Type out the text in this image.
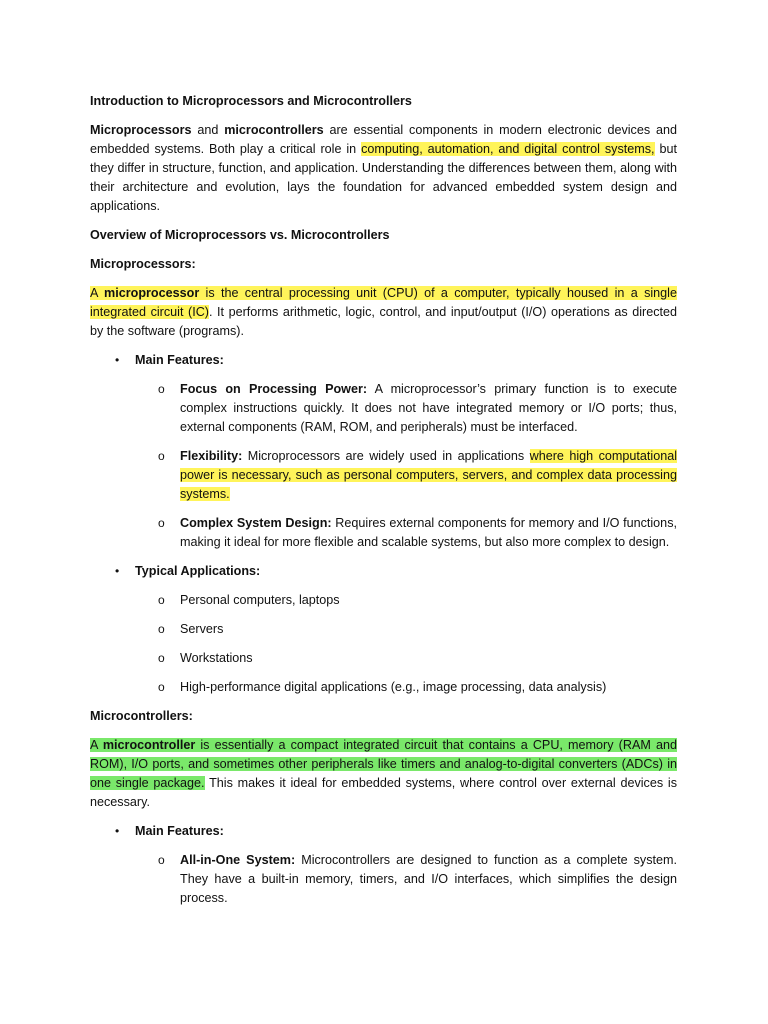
Introduction to Microprocessors and Microcontrollers

Microprocessors and microcontrollers are essential components in modern electronic devices and embedded systems. Both play a critical role in computing, automation, and digital control systems, but they differ in structure, function, and application. Understanding the differences between them, along with their architecture and evolution, lays the foundation for advanced embedded system design and applications.

Overview of Microprocessors vs. Microcontrollers

Microprocessors:

A microprocessor is the central processing unit (CPU) of a computer, typically housed in a single integrated circuit (IC). It performs arithmetic, logic, control, and input/output (I/O) operations as directed by the software (programs).

• Main Features:
o Focus on Processing Power: A microprocessor’s primary function is to execute complex instructions quickly. It does not have integrated memory or I/O ports; thus, external components (RAM, ROM, and peripherals) must be interfaced.
o Flexibility: Microprocessors are widely used in applications where high computational power is necessary, such as personal computers, servers, and complex data processing systems.
o Complex System Design: Requires external components for memory and I/O functions, making it ideal for more flexible and scalable systems, but also more complex to design.
• Typical Applications:
o Personal computers, laptops
o Servers
o Workstations
o High-performance digital applications (e.g., image processing, data analysis)

Microcontrollers:

A microcontroller is essentially a compact integrated circuit that contains a CPU, memory (RAM and ROM), I/O ports, and sometimes other peripherals like timers and analog-to-digital converters (ADCs) in one single package. This makes it ideal for embedded systems, where control over external devices is necessary.

• Main Features:
o All-in-One System: Microcontrollers are designed to function as a complete system. They have a built-in memory, timers, and I/O interfaces, which simplifies the design process.
